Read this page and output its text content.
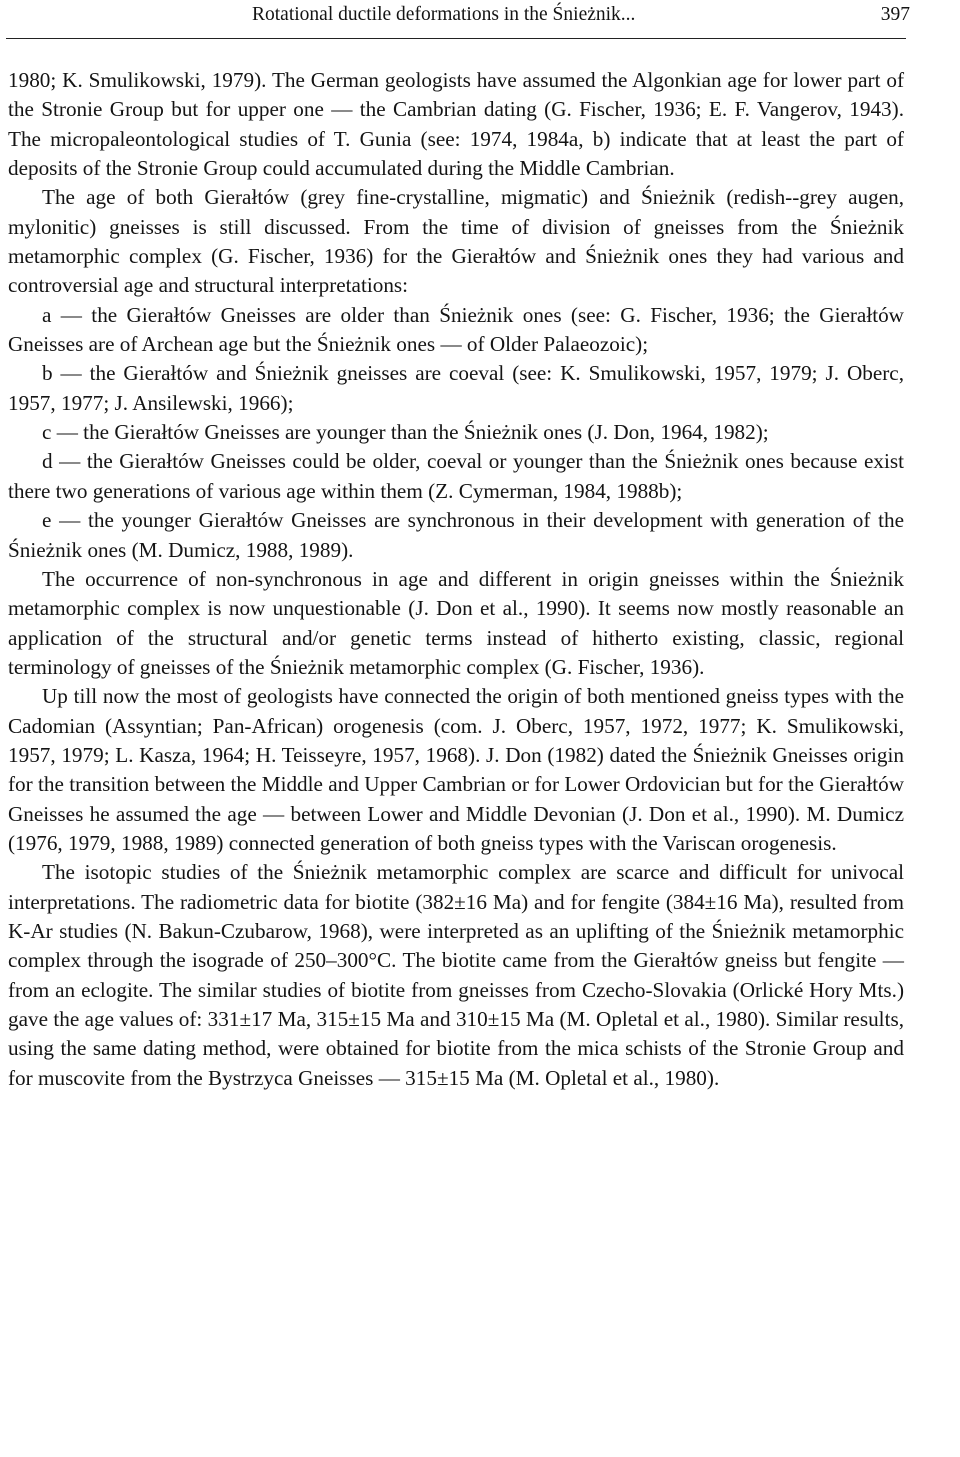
Rotational ductile deformations in the Śnieżnik...	397

1980; K. Smulikowski, 1979). The German geologists have assumed the Algonkian age for lower part of the Stronie Group but for upper one — the Cambrian dating (G. Fischer, 1936; E. F. Vangerov, 1943). The micropaleontological studies of T. Gunia (see: 1974, 1984a, b) indicate that at least the part of deposits of the Stronie Group could accumulated during the Middle Cambrian.

The age of both Gierałtów (grey fine-crystalline, migmatic) and Śnieżnik (redish--grey augen, mylonitic) gneisses is still discussed. From the time of division of gneisses from the Śnieżnik metamorphic complex (G. Fischer, 1936) for the Gierałtów and Śnieżnik ones they had various and controversial age and structural interpretations:

a — the Gierałtów Gneisses are older than Śnieżnik ones (see: G. Fischer, 1936; the Gierałtów Gneisses are of Archean age but the Śnieżnik ones — of Older Palaeozoic);

b — the Gierałtów and Śnieżnik gneisses are coeval (see: K. Smulikowski, 1957, 1979; J. Oberc, 1957, 1977; J. Ansilewski, 1966);

c — the Gierałtów Gneisses are younger than the Śnieżnik ones (J. Don, 1964, 1982);

d — the Gierałtów Gneisses could be older, coeval or younger than the Śnieżnik ones because exist there two generations of various age within them (Z. Cymerman, 1984, 1988b);

e — the younger Gierałtów Gneisses are synchronous in their development with generation of the Śnieżnik ones (M. Dumicz, 1988, 1989).

The occurrence of non-synchronous in age and different in origin gneisses within the Śnieżnik metamorphic complex is now unquestionable (J. Don et al., 1990). It seems now mostly reasonable an application of the structural and/or genetic terms instead of hitherto existing, classic, regional terminology of gneisses of the Śnieżnik metamorphic complex (G. Fischer, 1936).

Up till now the most of geologists have connected the origin of both mentioned gneiss types with the Cadomian (Assyntian; Pan-African) orogenesis (com. J. Oberc, 1957, 1972, 1977; K. Smulikowski, 1957, 1979; L. Kasza, 1964; H. Teisseyre, 1957, 1968). J. Don (1982) dated the Śnieżnik Gneisses origin for the transition between the Middle and Upper Cambrian or for Lower Ordovician but for the Gierałtów Gneisses he assumed the age — between Lower and Middle Devonian (J. Don et al., 1990). M. Dumicz (1976, 1979, 1988, 1989) connected generation of both gneiss types with the Variscan orogenesis.

The isotopic studies of the Śnieżnik metamorphic complex are scarce and difficult for univocal interpretations. The radiometric data for biotite (382±16 Ma) and for fengite (384±16 Ma), resulted from K-Ar studies (N. Bakun-Czubarow, 1968), were interpreted as an uplifting of the Śnieżnik metamorphic complex through the isograde of 250–300°C. The biotite came from the Gierałtów gneiss but fengite — from an eclogite. The similar studies of biotite from gneisses from Czecho-Slovakia (Orlické Hory Mts.) gave the age values of: 331±17 Ma, 315±15 Ma and 310±15 Ma (M. Opletal et al., 1980). Similar results, using the same dating method, were obtained for biotite from the mica schists of the Stronie Group and for muscovite from the Bystrzyca Gneisses — 315±15 Ma (M. Opletal et al., 1980).
